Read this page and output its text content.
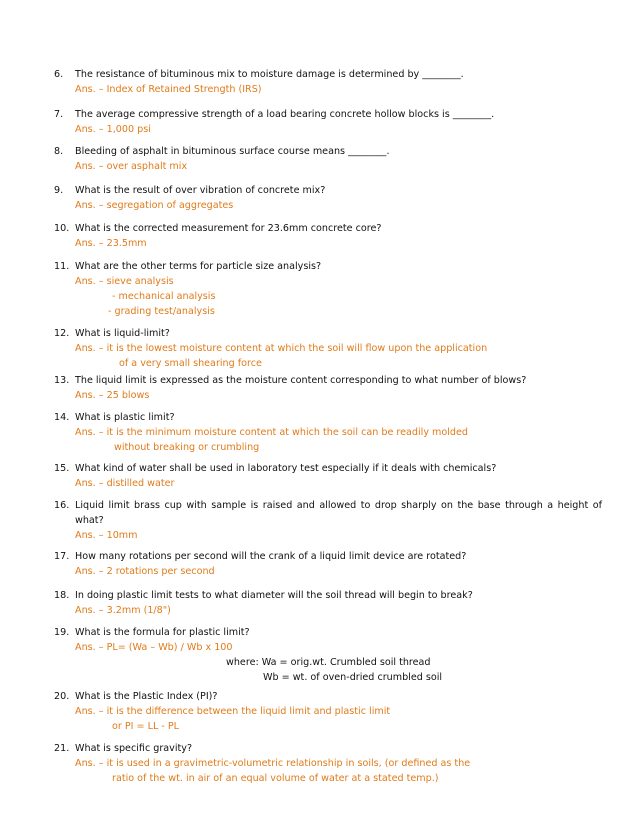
6. The resistance of bituminous mix to moisture damage is determined by ________.
Ans. – Index of Retained Strength (IRS)
7. The average compressive strength of a load bearing concrete hollow blocks is ________.
Ans. – 1,000 psi
8. Bleeding of asphalt in bituminous surface course means ________.
Ans. – over asphalt mix
9. What is the result of over vibration of concrete mix?
Ans. – segregation of aggregates
10. What is the corrected measurement for 23.6mm concrete core?
Ans. – 23.5mm
11. What are the other terms for particle size analysis?
Ans. – sieve analysis
- mechanical analysis
- grading test/analysis
12. What is liquid-limit?
Ans. – it is the lowest moisture content at which the soil will flow upon the application
of a very small shearing force
13. The liquid limit is expressed as the moisture content corresponding to what number of blows?
Ans. – 25 blows
14. What is plastic limit?
Ans. – it is the minimum moisture content at which the soil can be readily molded
without breaking or crumbling
15. What kind of water shall be used in laboratory test especially if it deals with chemicals?
Ans. – distilled water
16. Liquid limit brass cup with sample is raised and allowed to drop sharply on the base through a height of what?
Ans. – 10mm
17. How many rotations per second will the crank of a liquid limit device are rotated?
Ans. – 2 rotations per second
18. In doing plastic limit tests to what diameter will the soil thread will begin to break?
Ans. – 3.2mm (1/8")
19. What is the formula for plastic limit?
Ans. – PL= (Wa – Wb) / Wb x 100
where: Wa = orig.wt. Crumbled soil thread
Wb = wt. of oven-dried crumbled soil
20. What is the Plastic Index (PI)?
Ans. – it is the difference between the liquid limit and plastic limit
or PI = LL - PL
21. What is specific gravity?
Ans. – it is used in a gravimetric-volumetric relationship in soils, (or defined as the
ratio of the wt. in air of an equal volume of water at a stated temp.)
